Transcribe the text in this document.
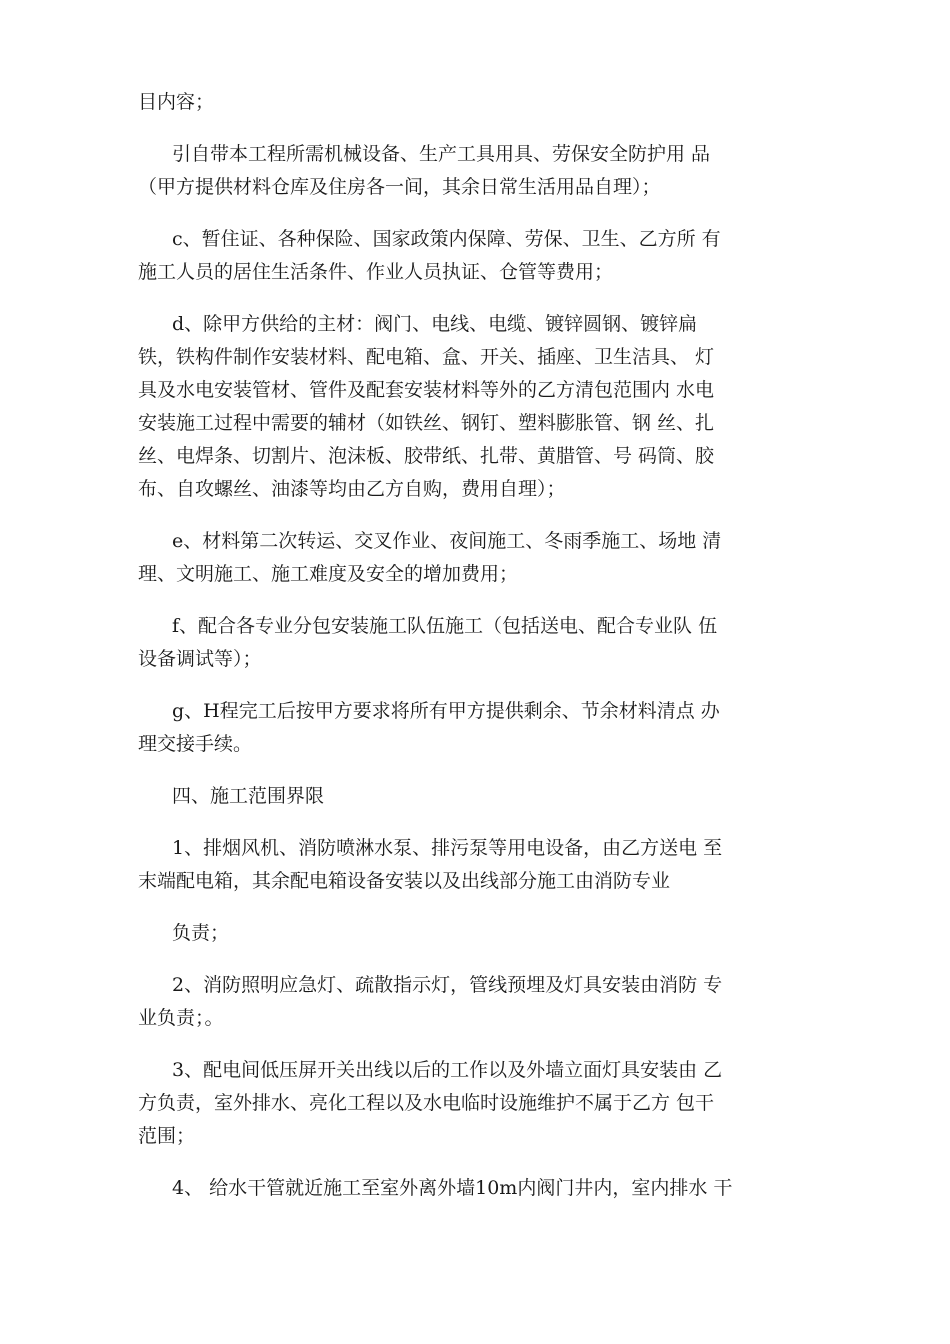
目内容；
引自带本工程所需机械设备、生产工具用具、劳保安全防护用 品
（甲方提供材料仓库及住房各一间，其余日常生活用品自理）；
c、暂住证、各种保险、国家政策内保障、劳保、卫生、乙方所 有
施工人员的居住生活条件、作业人员执证、仓管等费用；
d、除甲方供给的主材：阀门、电线、电缆、镀锌圆钢、镀锌扁
铁，铁构件制作安装材料、配电箱、盒、开关、插座、卫生洁具、 灯
具及水电安装管材、管件及配套安装材料等外的乙方清包范围内 水电
安装施工过程中需要的辅材（如铁丝、钢钉、塑料膨胀管、钢 丝、扎
丝、电焊条、切割片、泡沫板、胶带纸、扎带、黄腊管、号 码筒、胶
布、自攻螺丝、油漆等均由乙方自购，费用自理）；
e、材料第二次转运、交叉作业、夜间施工、冬雨季施工、场地 清
理、文明施工、施工难度及安全的增加费用；
f、配合各专业分包安装施工队伍施工（包括送电、配合专业队 伍
设备调试等）；
g、H程完工后按甲方要求将所有甲方提供剩余、节余材料清点 办
理交接手续。
四、施工范围界限
1、排烟风机、消防喷淋水泵、排污泵等用电设备，由乙方送电 至
末端配电箱，其余配电箱设备安装以及出线部分施工由消防专业
负责；
2、消防照明应急灯、疏散指示灯，管线预埋及灯具安装由消防 专
业负责；。
3、配电间低压屏开关出线以后的工作以及外墙立面灯具安装由 乙
方负责，室外排水、亮化工程以及水电临时设施维护不属于乙方 包干
范围；
4、 给水干管就近施工至室外离外墙10m内阀门井内，室内排水 干
